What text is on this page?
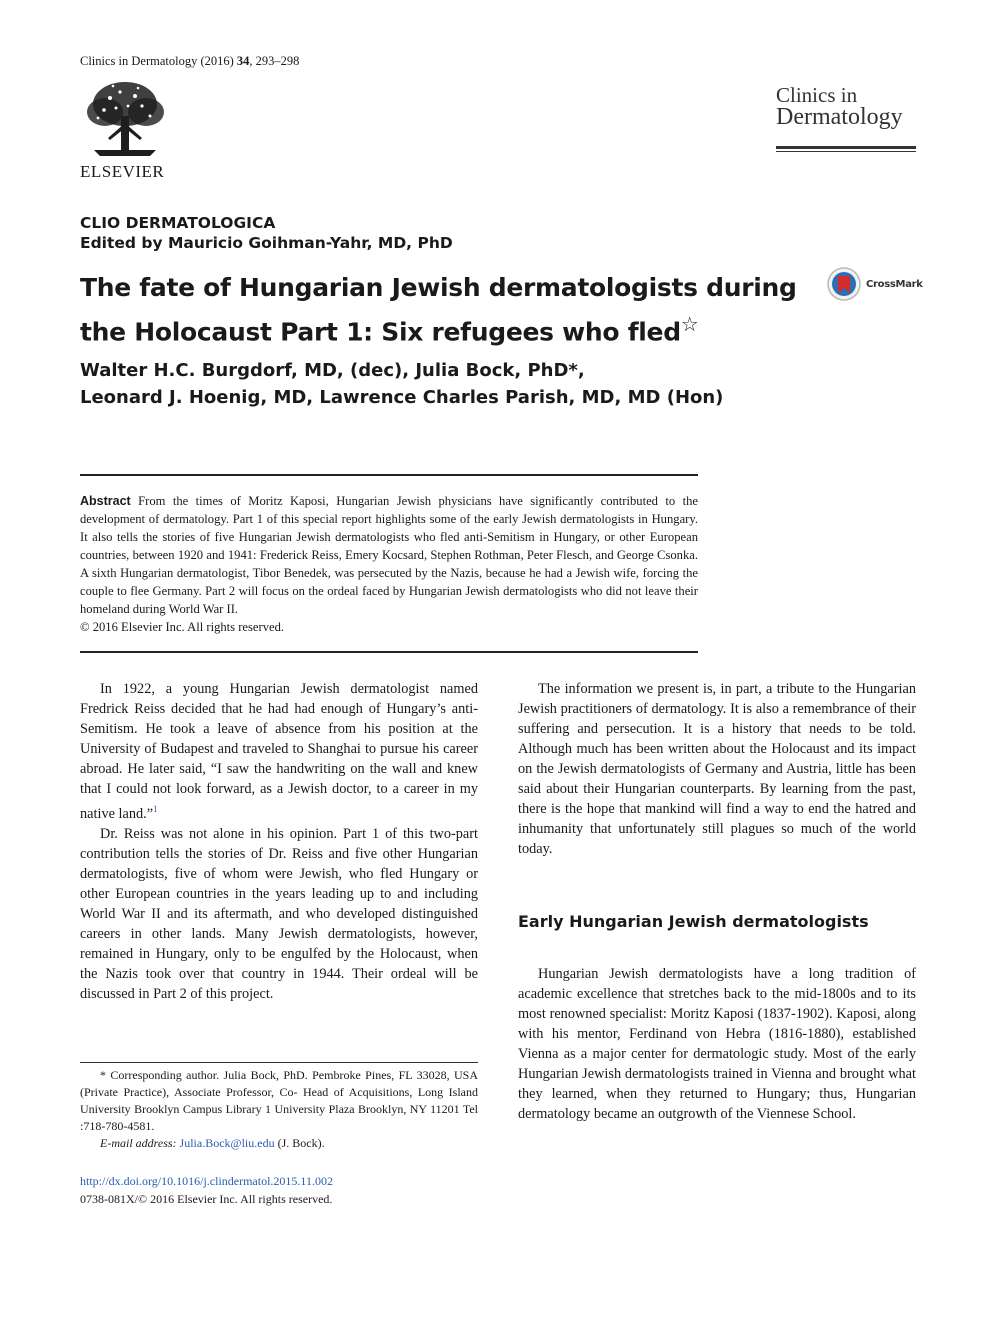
Clinics in Dermatology (2016) 34, 293–298
ELSEVIER
Clinics in
Dermatology
CLIO DERMATOLOGICA
Edited by Mauricio Goihman-Yahr, MD, PhD
The fate of Hungarian Jewish dermatologists during the Holocaust Part 1: Six refugees who fled☆
CrossMark
Walter H.C. Burgdorf, MD, (dec), Julia Bock, PhD*,
Leonard J. Hoenig, MD, Lawrence Charles Parish, MD, MD (Hon)
Abstract From the times of Moritz Kaposi, Hungarian Jewish physicians have significantly contributed to the development of dermatology. Part 1 of this special report highlights some of the early Jewish dermatologists in Hungary. It also tells the stories of five Hungarian Jewish dermatologists who fled anti-Semitism in Hungary, or other European countries, between 1920 and 1941: Frederick Reiss, Emery Kocsard, Stephen Rothman, Peter Flesch, and George Csonka. A sixth Hungarian dermatologist, Tibor Benedek, was persecuted by the Nazis, because he had a Jewish wife, forcing the couple to flee Germany. Part 2 will focus on the ordeal faced by Hungarian Jewish dermatologists who did not leave their homeland during World War II.
© 2016 Elsevier Inc. All rights reserved.

In 1922, a young Hungarian Jewish dermatologist named Fredrick Reiss decided that he had had enough of Hungary’s anti-Semitism. He took a leave of absence from his position at the University of Budapest and traveled to Shanghai to pursue his career abroad. He later said, “I saw the handwriting on the wall and knew that I could not look forward, as a Jewish doctor, to a career in my native land.”$^1$

Dr. Reiss was not alone in his opinion. Part 1 of this two-part contribution tells the stories of Dr. Reiss and five other Hungarian dermatologists, five of whom were Jewish, who fled Hungary or other European countries in the years leading up to and including World War II and its aftermath, and who developed distinguished careers in other lands. Many Jewish dermatologists, however, remained in Hungary, only to be engulfed by the Holocaust, when the Nazis took over that country in 1944. Their ordeal will be discussed in Part 2 of this project.

The information we present is, in part, a tribute to the Hungarian Jewish practitioners of dermatology. It is also a remembrance of their suffering and persecution. It is a history that needs to be told. Although much has been written about the Holocaust and its impact on the Jewish dermatologists of Germany and Austria, little has been said about their Hungarian counterparts. By learning from the past, there is the hope that mankind will find a way to end the hatred and inhumanity that unfortunately still plagues so much of the world today.

Early Hungarian Jewish dermatologists

Hungarian Jewish dermatologists have a long tradition of academic excellence that stretches back to the mid-1800s and to its most renowned specialist: Moritz Kaposi (1837-1902). Kaposi, along with his mentor, Ferdinand von Hebra (1816-1880), established Vienna as a major center for dermatologic study. Most of the early Hungarian Jewish dermatologists trained in Vienna and brought what they learned, when they returned to Hungary; thus, Hungarian dermatology became an outgrowth of the Viennese School.

* Corresponding author. Julia Bock, PhD. Pembroke Pines, FL 33028, USA (Private Practice), Associate Professor, Co- Head of Acquisitions, Long Island University Brooklyn Campus Library 1 University Plaza Brooklyn, NY 11201 Tel :718-780-4581.

E-mail address: Julia.Bock@liu.edu (J. Bock).

http://dx.doi.org/10.1016/j.clindermatol.2015.11.002
0738-081X/© 2016 Elsevier Inc. All rights reserved.
